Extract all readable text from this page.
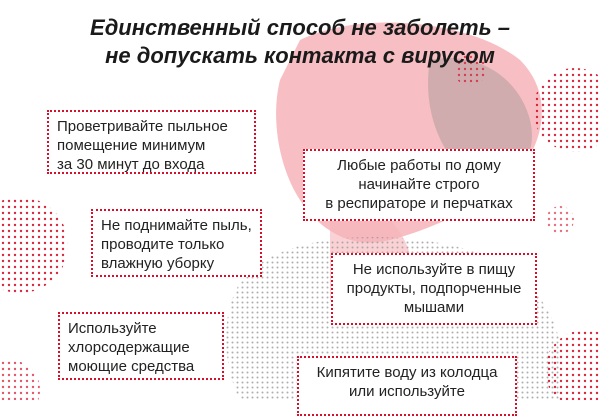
Единственный способ не заболеть –
не допускать контакта с вирусом
Проветривайте пыльное
помещение минимум
за 30 минут до входа
Не поднимайте пыль,
проводите только
влажную уборку
Используйте
хлорсодержащие
моющие средства
Любые работы по дому
начинайте строго
в респираторе и перчатках
Не используйте в пищу
продукты, подпорченные
мышами
Кипятите воду из колодца
или используйте
